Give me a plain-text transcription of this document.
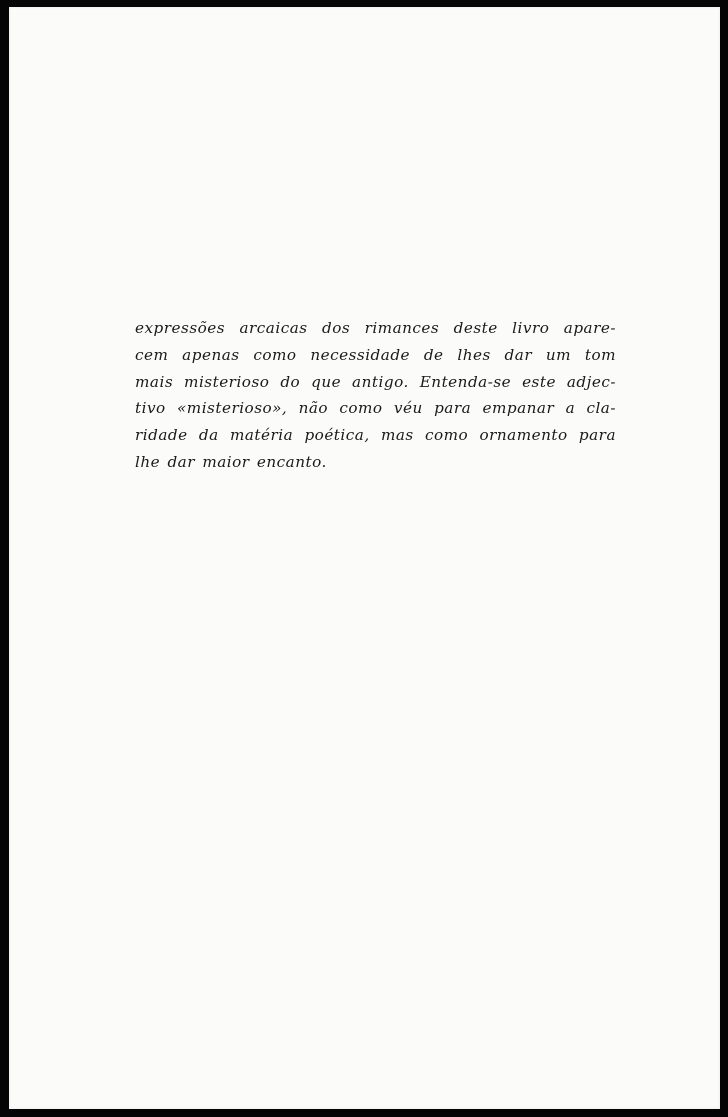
expressões arcaicas dos rimances deste livro apare-
cem apenas como necessidade de lhes dar um tom
mais misterioso do que antigo. Entenda-se este adjec-
tivo «misterioso», não como véu para empanar a cla-
ridade da matéria poética, mas como ornamento para
lhe dar maior encanto.
